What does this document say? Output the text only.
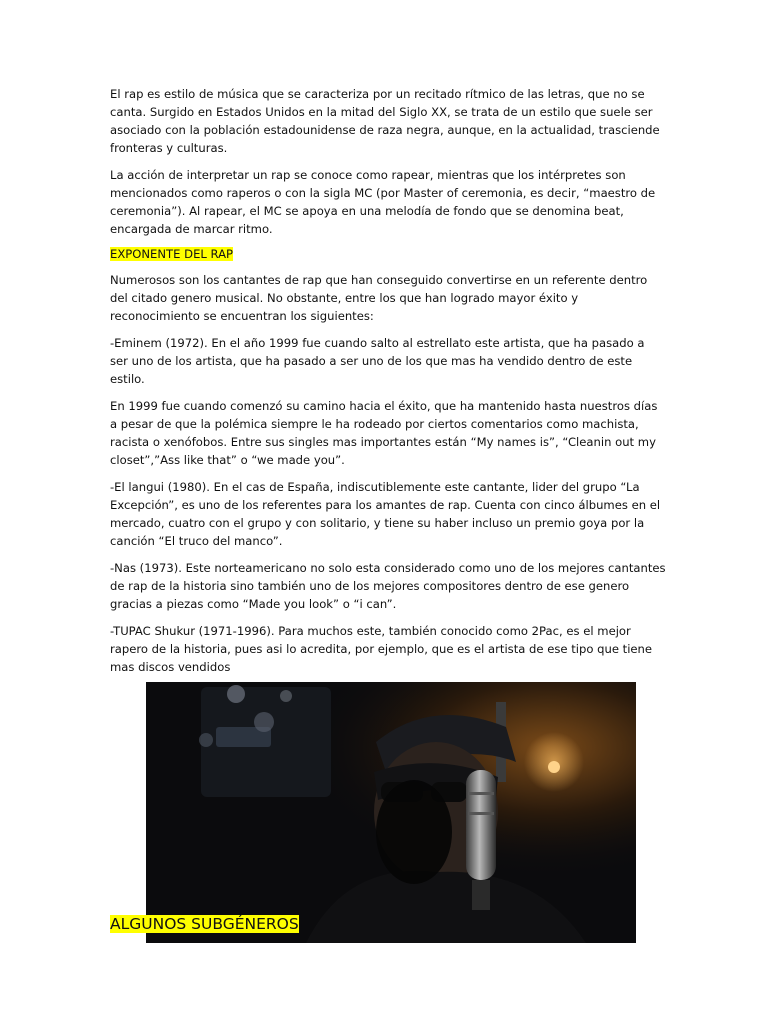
El rap es estilo de música que se caracteriza por un recitado rítmico de las letras, que no se canta. Surgido en Estados Unidos en la mitad del Siglo XX, se trata de un estilo que suele ser asociado con la población estadounidense de raza negra, aunque, en la actualidad, trasciende fronteras y culturas.

La acción de interpretar un rap se conoce como rapear, mientras que los intérpretes son mencionados como raperos o con la sigla MC (por Master of ceremonia, es decir, “maestro de ceremonia”). Al rapear, el MC se apoya en una melodía de fondo que se denomina beat, encargada de marcar ritmo.

EXPONENTE DEL RAP

Numerosos son los cantantes de rap que han conseguido convertirse en un referente dentro del citado genero musical. No obstante, entre los que han logrado mayor éxito y reconocimiento se encuentran los siguientes:

-Eminem (1972). En el año 1999 fue cuando salto al estrellato este artista, que ha pasado a ser uno de los artista, que ha pasado a ser uno de los que mas ha vendido dentro de este estilo.

En 1999 fue cuando comenzó su camino hacia el éxito, que ha mantenido hasta nuestros días a pesar de que la polémica siempre le ha rodeado por ciertos comentarios como machista, racista o xenófobos. Entre sus singles mas importantes están “My names is”, “Cleanin out my closet”,”Ass like that” o “we made you”.

-El langui (1980). En el cas de España, indiscutiblemente este cantante, lider del grupo “La Excepción”, es uno de los referentes para los amantes de rap. Cuenta con cinco álbumes en el mercado, cuatro con el grupo y con solitario, y tiene su haber incluso un premio goya por la canción “El truco del manco”.

-Nas (1973). Este norteamericano no solo esta considerado como uno de los mejores cantantes de rap de la historia sino también uno de los mejores compositores dentro de ese genero gracias a piezas como “Made you look” o “i can”.

-TUPAC Shukur (1971-1996). Para muchos este, también conocido como 2Pac, es el mejor rapero de la historia, pues asi lo acredita, por ejemplo, que es el artista de ese tipo que tiene mas discos vendidos

ALGUNOS SUBGÉNEROS
